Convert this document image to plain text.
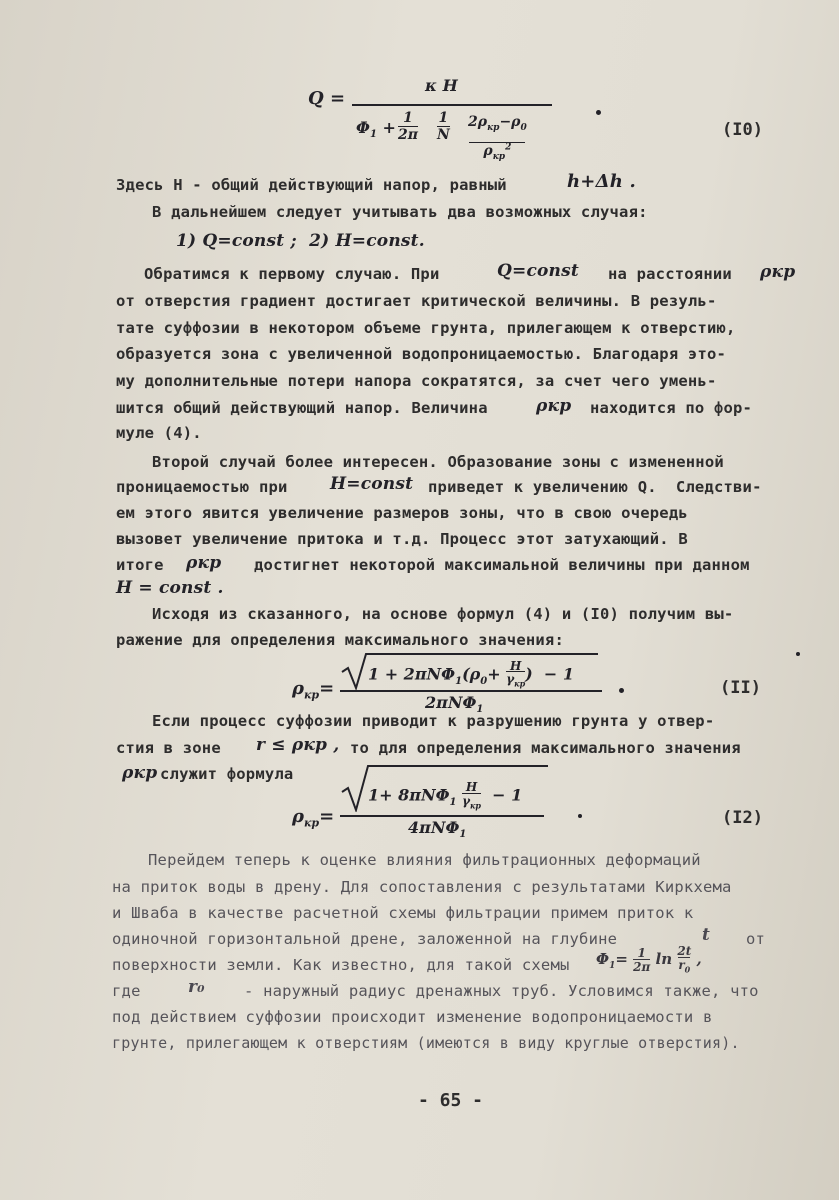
Q =
κ H
$\Phi_1 + 1$
2π
1
N
$2\rho_{кр}-\rho_0$
$\rho_{кр}^2$
(I0)
Здесь Н - общий действующий напор, равный	h+Δh .
В дальнейшем следует учитывать два возможных случая:
1) Q=const ;  2) H=const.
Обратимся к первому случаю. При	Q=const на расстоянии ρкр
от отверстия градиент достигает критической величины. В резуль-
тате суффозии в некотором объеме грунта, прилегающем к отверстию,
образуется зона с увеличенной водопроницаемостью. Благодаря это-
му дополнительные потери напора сократятся, за счет чего умень-
шится общий действующий напор. Величина	ρкр находится по фор-
муле (4).
Второй случай более интересен. Образование зоны с измененной
проницаемостью при H=const приведет к увеличению Q.  Следстви-
ем этого явится увеличение размеров зоны, что в свою очередь
вызовет увеличение притока и т.д. Процесс этот затухающий. В
итоге ρкр достигнет некоторой максимальной величины при данном
H = const .
Исходя из сказанного, на основе формул (4) и (I0) получим вы-
ражение для определения максимального значения:
$\rho_{кр}=$
$1 + 2\pi N\Phi_1(\rho_0+ H$
$\gamma_{кр}) - 1$
2πNΦ$_1$
(II)
Если процесс суффозии приводит к разрушению грунта у отвер-
стия в зоне r ≤ ρкр , то для определения максимального значения
ρкр служит формула
$\rho_{кр}=$
1+ 8πNΦ$_1$ H
$\gamma_{кр} - 1$
4πNΦ$_1$
(I2)
Перейдем теперь к оценке влияния фильтрационных деформаций
на приток воды в дрену. Для сопоставления с результатами Киркхема
и Шваба в качестве расчетной схемы фильтрации примем приток к
одиночной горизонтальной дрене, заложенной на глубине	t от
поверхности земли. Как известно, для такой схемы $\Phi_1= 1$
2π ln 2t
$r_0$ ,
где	r₀	- наружный радиус дренажных труб. Условимся также, что
под действием суффозии происходит изменение водопроницаемости в
грунте, прилегающем к отверстиям (имеются в виду круглые отверстия).
- 65 -
